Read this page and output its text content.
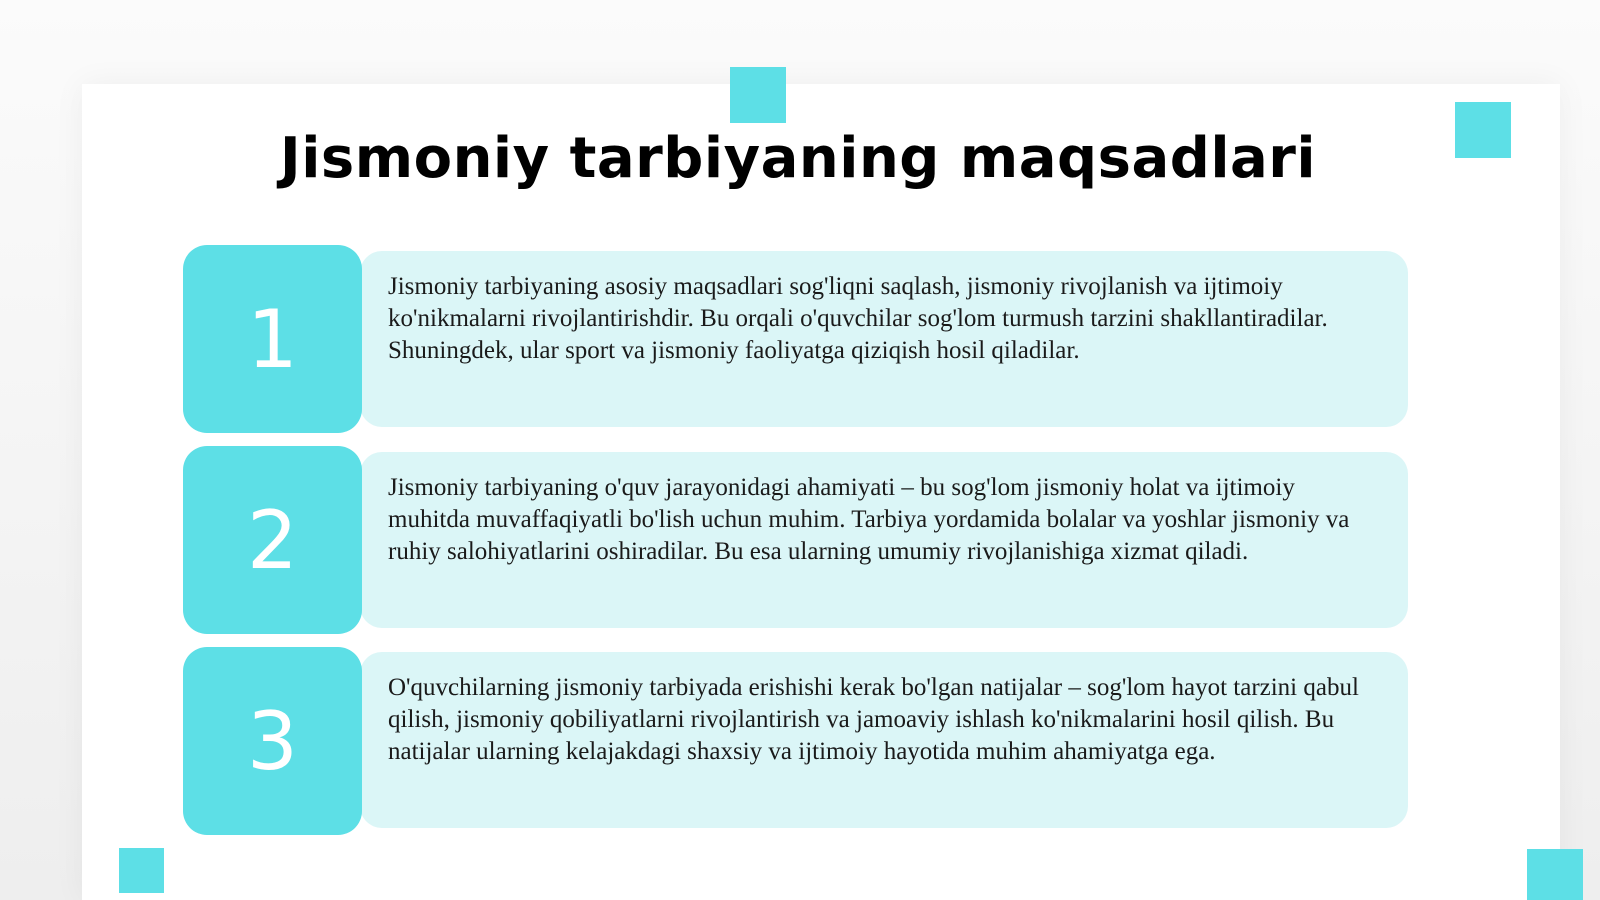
Jismoniy tarbiyaning maqsadlari

Jismoniy tarbiyaning asosiy maqsadlari sog'liqni saqlash, jismoniy rivojlanish va ijtimoiy ko'nikmalarni rivojlantirishdir. Bu orqali o'quvchilar sog'lom turmush tarzini shakllantiradilar. Shuningdek, ular sport va jismoniy faoliyatga qiziqish hosil qiladilar.

1

Jismoniy tarbiyaning o'quv jarayonidagi ahamiyati – bu sog'lom jismoniy holat va ijtimoiy muhitda muvaffaqiyatli bo'lish uchun muhim. Tarbiya yordamida bolalar va yoshlar jismoniy va ruhiy salohiyatlarini oshiradilar. Bu esa ularning umumiy rivojlanishiga xizmat qiladi.

2

O'quvchilarning jismoniy tarbiyada erishishi kerak bo'lgan natijalar – sog'lom hayot tarzini qabul qilish, jismoniy qobiliyatlarni rivojlantirish va jamoaviy ishlash ko'nikmalarini hosil qilish. Bu natijalar ularning kelajakdagi shaxsiy va ijtimoiy hayotida muhim ahamiyatga ega.

3
